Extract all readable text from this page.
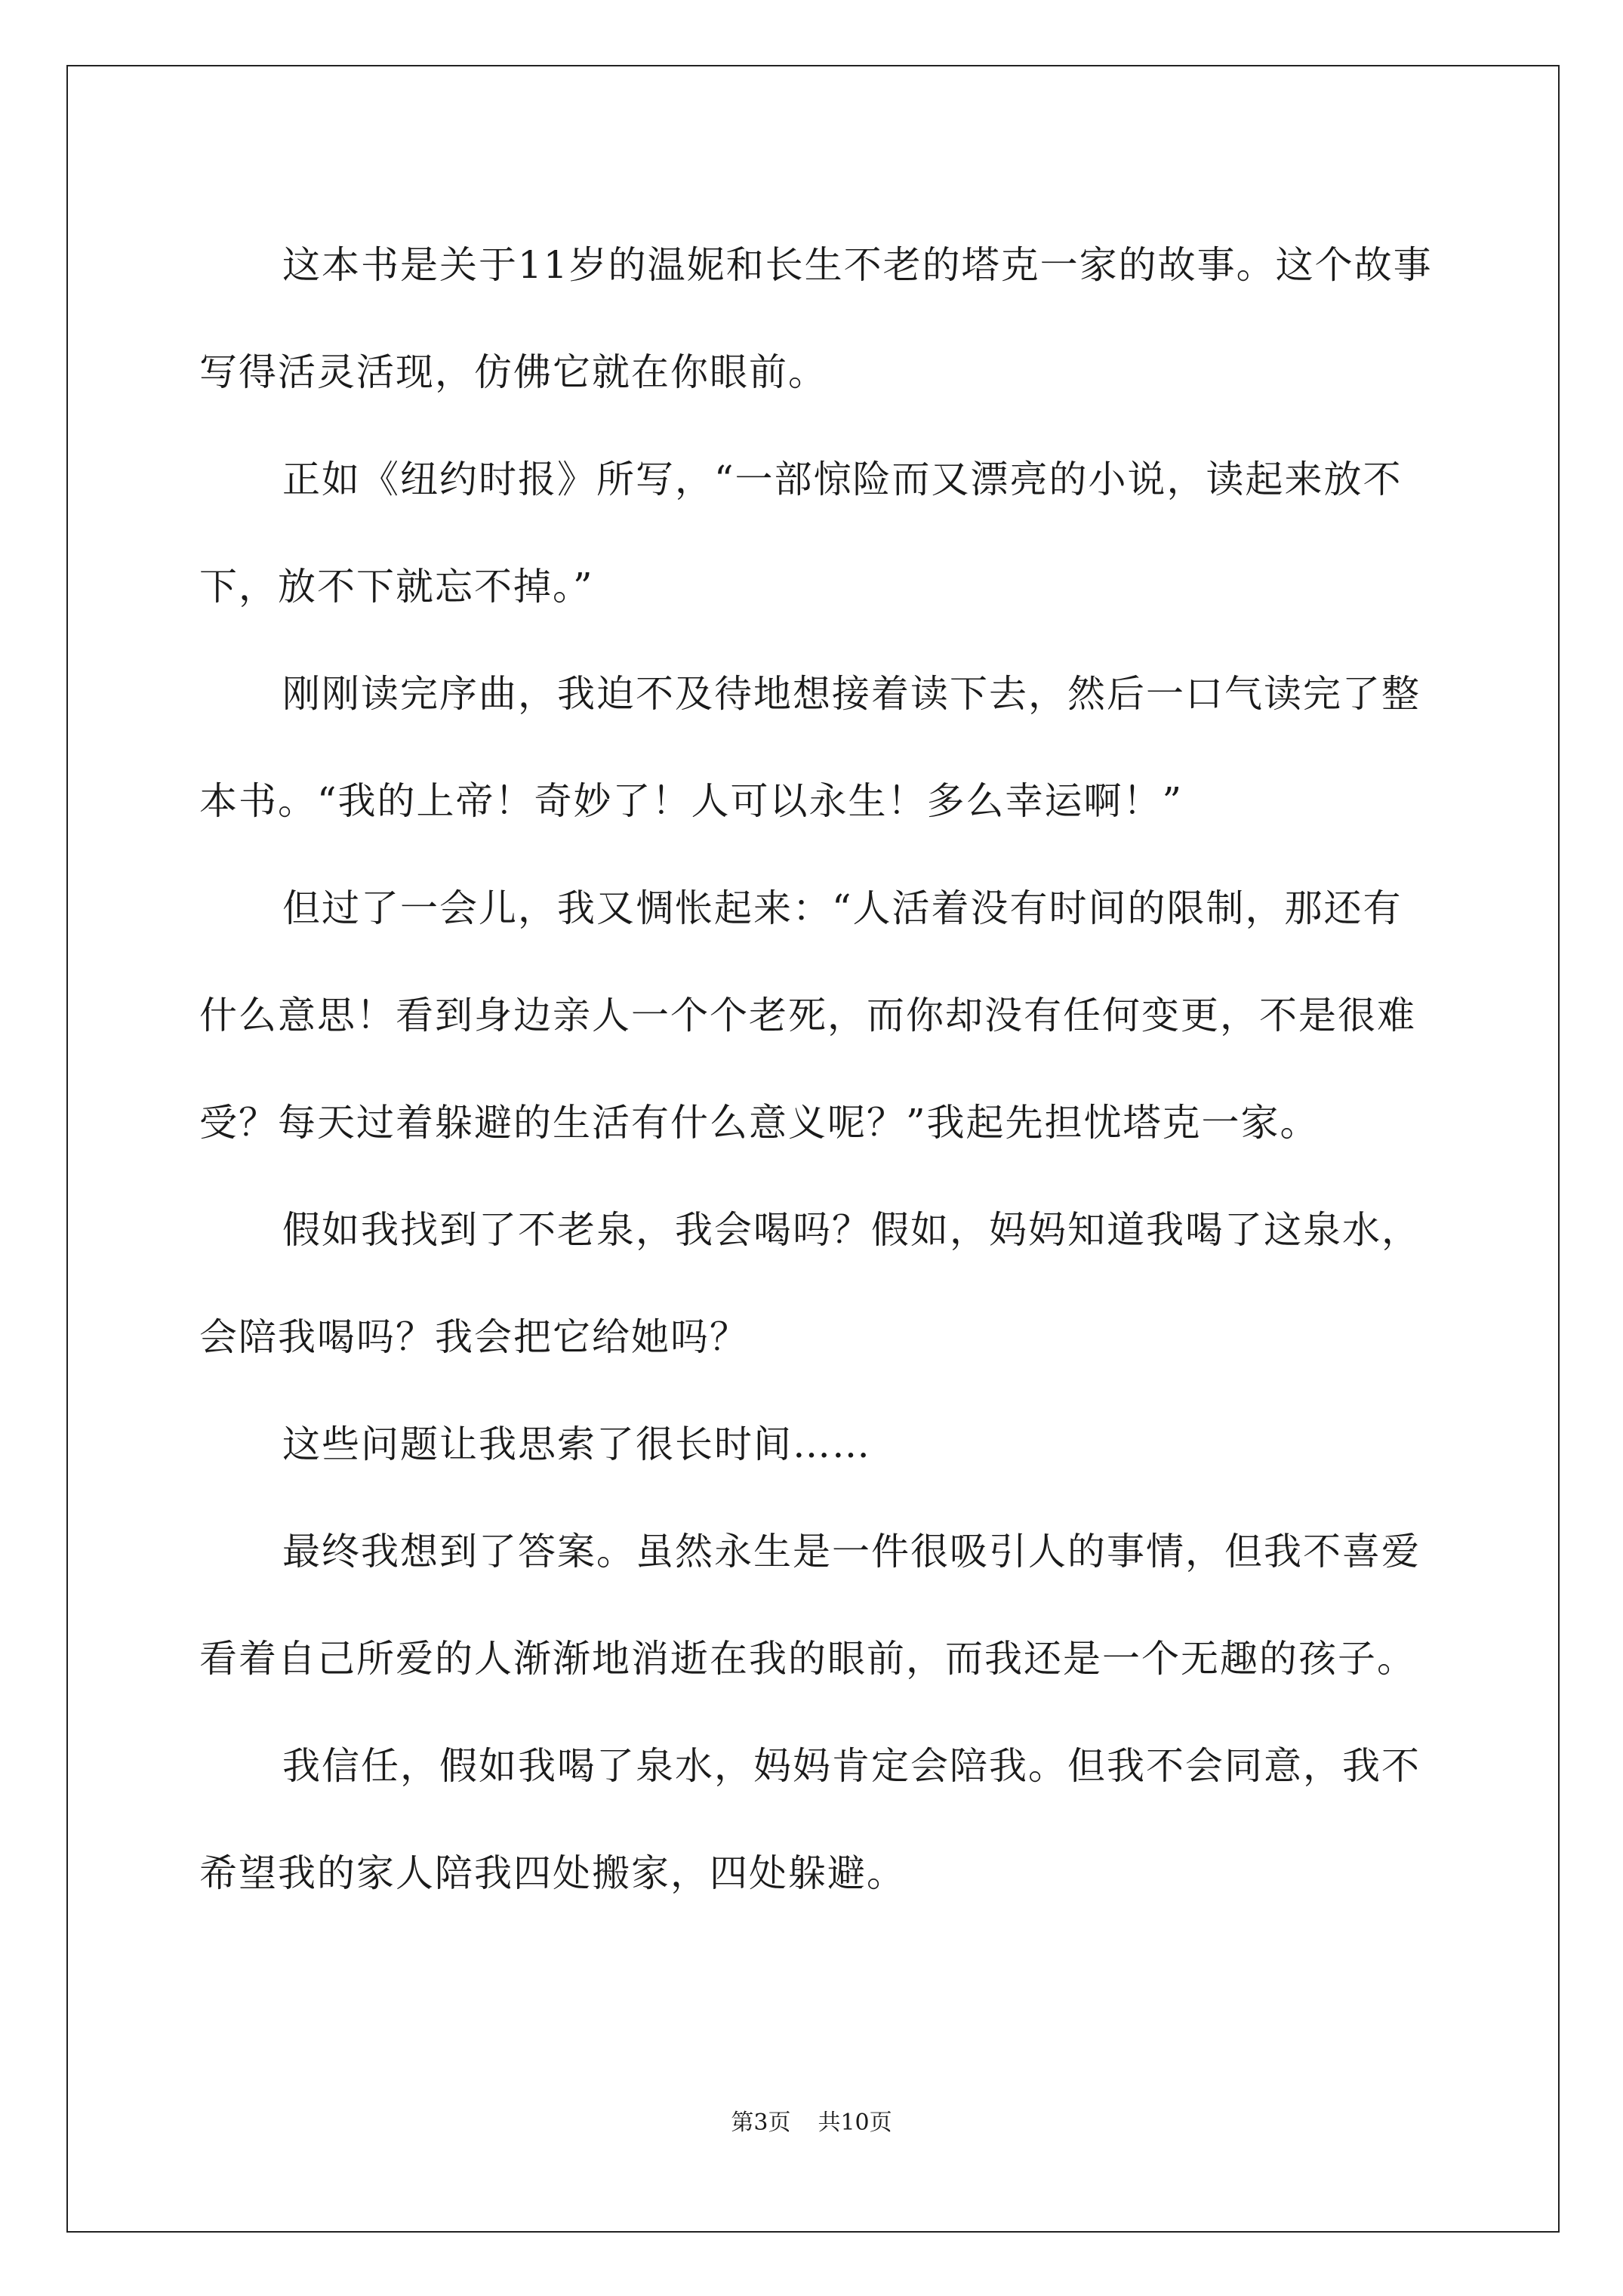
这本书是关于11岁的温妮和长生不老的塔克一家的故事。这个故事写得活灵活现，仿佛它就在你眼前。

正如《纽约时报》所写，“一部惊险而又漂亮的小说，读起来放不下，放不下就忘不掉。”

刚刚读完序曲，我迫不及待地想接着读下去，然后一口气读完了整本书。“我的上帝！奇妙了！人可以永生！多么幸运啊！”

但过了一会儿，我又惆怅起来：“人活着没有时间的限制，那还有什么意思！看到身边亲人一个个老死，而你却没有任何变更，不是很难受？每天过着躲避的生活有什么意义呢？”我起先担忧塔克一家。

假如我找到了不老泉，我会喝吗？假如，妈妈知道我喝了这泉水，会陪我喝吗？我会把它给她吗？

这些问题让我思索了很长时间……

最终我想到了答案。虽然永生是一件很吸引人的事情，但我不喜爱看着自己所爱的人渐渐地消逝在我的眼前，而我还是一个无趣的孩子。

我信任，假如我喝了泉水，妈妈肯定会陪我。但我不会同意，我不希望我的家人陪我四处搬家，四处躲避。

第3页 共10页
